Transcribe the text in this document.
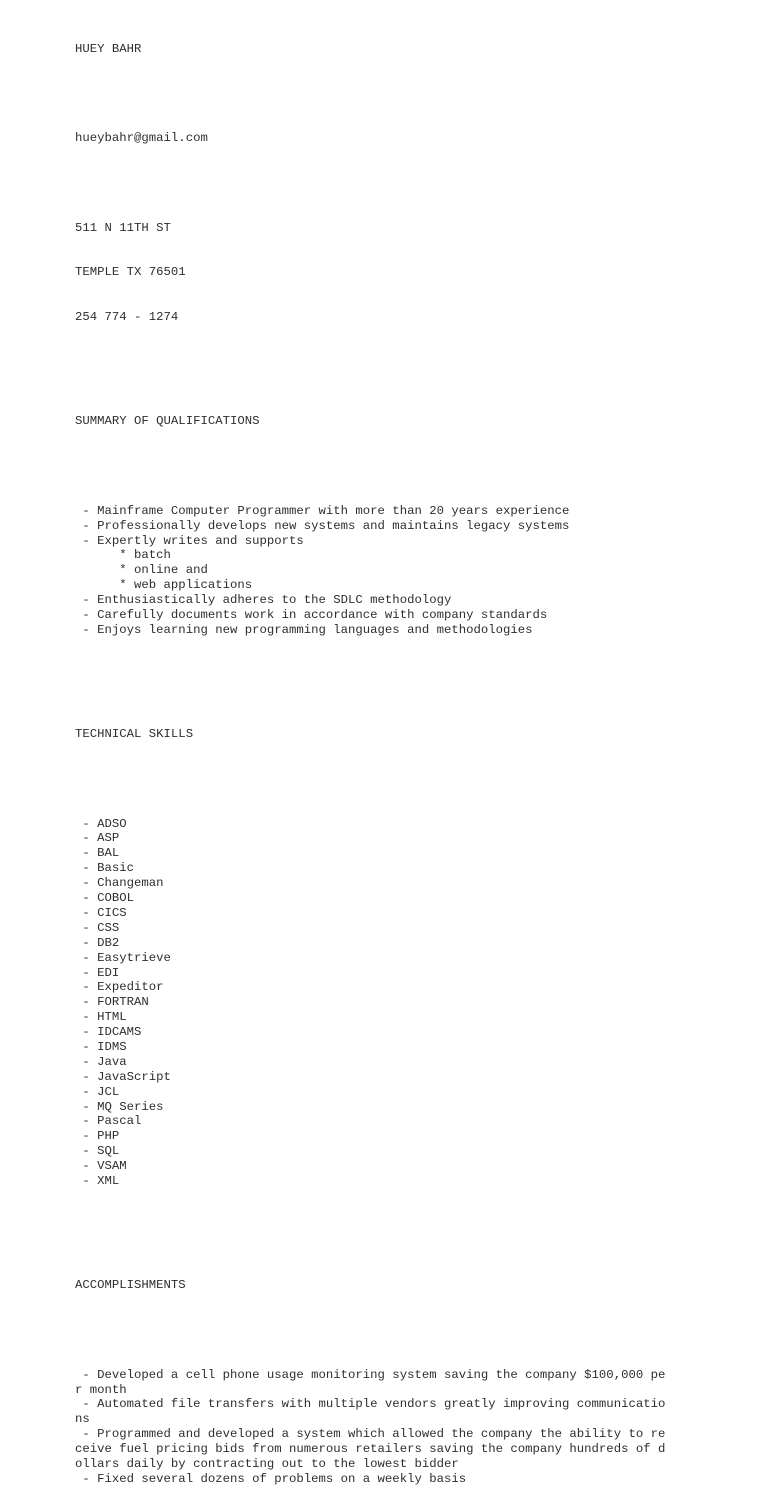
HUEY BAHR

hueybahr@gmail.com

511 N 11TH ST

TEMPLE TX 76501

254 774 - 1274

SUMMARY OF QUALIFICATIONS

- Mainframe Computer Programmer with more than 20 years experience
- Professionally develops new systems and maintains legacy systems
- Expertly writes and supports
* batch
* online and
* web applications
- Enthusiastically adheres to the SDLC methodology
- Carefully documents work in accordance with company standards
- Enjoys learning new programming languages and methodologies

TECHNICAL SKILLS

- ADSO
- ASP
- BAL
- Basic
- Changeman
- COBOL
- CICS
- CSS
- DB2
- Easytrieve
- EDI
- Expeditor
- FORTRAN
- HTML
- IDCAMS
- IDMS
- Java
- JavaScript
- JCL
- MQ Series
- Pascal
- PHP
- SQL
- VSAM
- XML

ACCOMPLISHMENTS

- Developed a cell phone usage monitoring system saving the company $100,000 pe
r month
- Automated file transfers with multiple vendors greatly improving communicatio
ns
- Programmed and developed a system which allowed the company the ability to re
ceive fuel pricing bids from numerous retailers saving the company hundreds of d
ollars daily by contracting out to the lowest bidder
- Fixed several dozens of problems on a weekly basis
